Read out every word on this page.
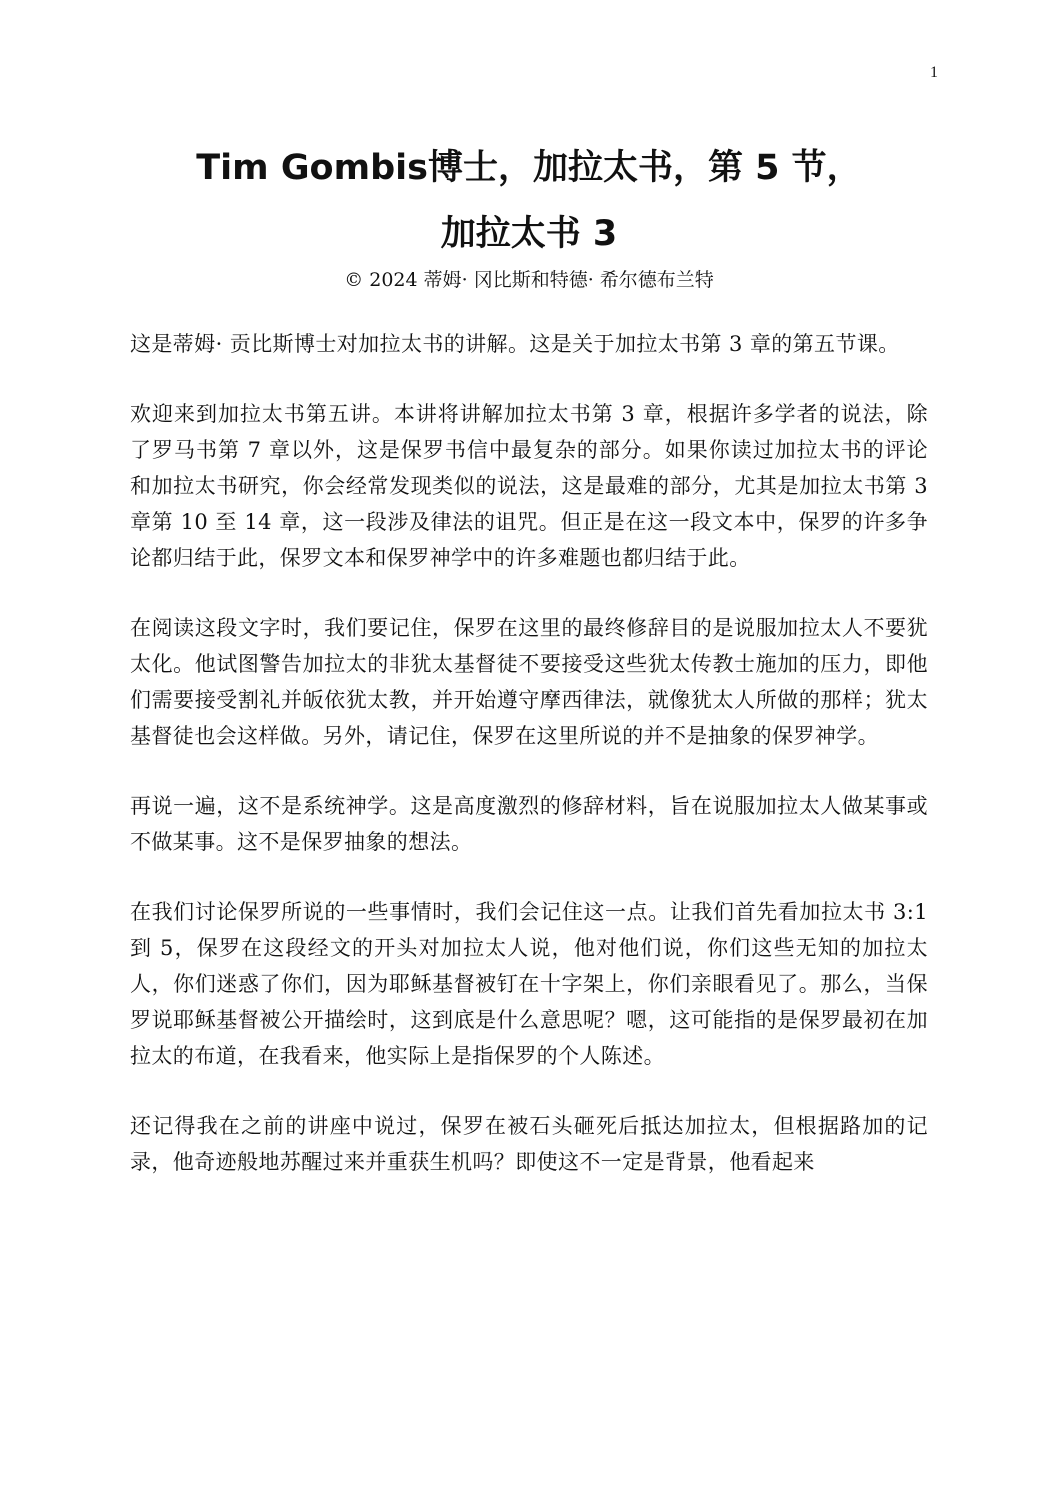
1
Tim Gombis博士，加拉太书，第 5 节，
加拉太书 3

© 2024 蒂姆· 冈比斯和特德· 希尔德布兰特

这是蒂姆· 贡比斯博士对加拉太书的讲解。这是关于加拉太书第 3 章的第五节课。

欢迎来到加拉太书第五讲。本讲将讲解加拉太书第 3 章，根据许多学者的说法，除了罗马书第 7 章以外，这是保罗书信中最复杂的部分。如果你读过加拉太书的评论和加拉太书研究，你会经常发现类似的说法，这是最难的部分，尤其是加拉太书第 3 章第 10 至 14 章，这一段涉及律法的诅咒。但正是在这一段文本中，保罗的许多争论都归结于此，保罗文本和保罗神学中的许多难题也都归结于此。

在阅读这段文字时，我们要记住，保罗在这里的最终修辞目的是说服加拉太人不要犹太化。他试图警告加拉太的非犹太基督徒不要接受这些犹太传教士施加的压力，即他们需要接受割礼并皈依犹太教，并开始遵守摩西律法，就像犹太人所做的那样；犹太基督徒也会这样做。另外，请记住，保罗在这里所说的并不是抽象的保罗神学。

再说一遍，这不是系统神学。这是高度激烈的修辞材料，旨在说服加拉太人做某事或不做某事。这不是保罗抽象的想法。

在我们讨论保罗所说的一些事情时，我们会记住这一点。让我们首先看加拉太书 3:1 到 5，保罗在这段经文的开头对加拉太人说，他对他们说，你们这些无知的加拉太人，你们迷惑了你们，因为耶稣基督被钉在十字架上，你们亲眼看见了。那么，当保罗说耶稣基督被公开描绘时，这到底是什么意思呢？嗯，这可能指的是保罗最初在加拉太的布道，在我看来，他实际上是指保罗的个人陈述。

还记得我在之前的讲座中说过，保罗在被石头砸死后抵达加拉太，但根据路加的记录，他奇迹般地苏醒过来并重获生机吗？即使这不一定是背景，他看起来
